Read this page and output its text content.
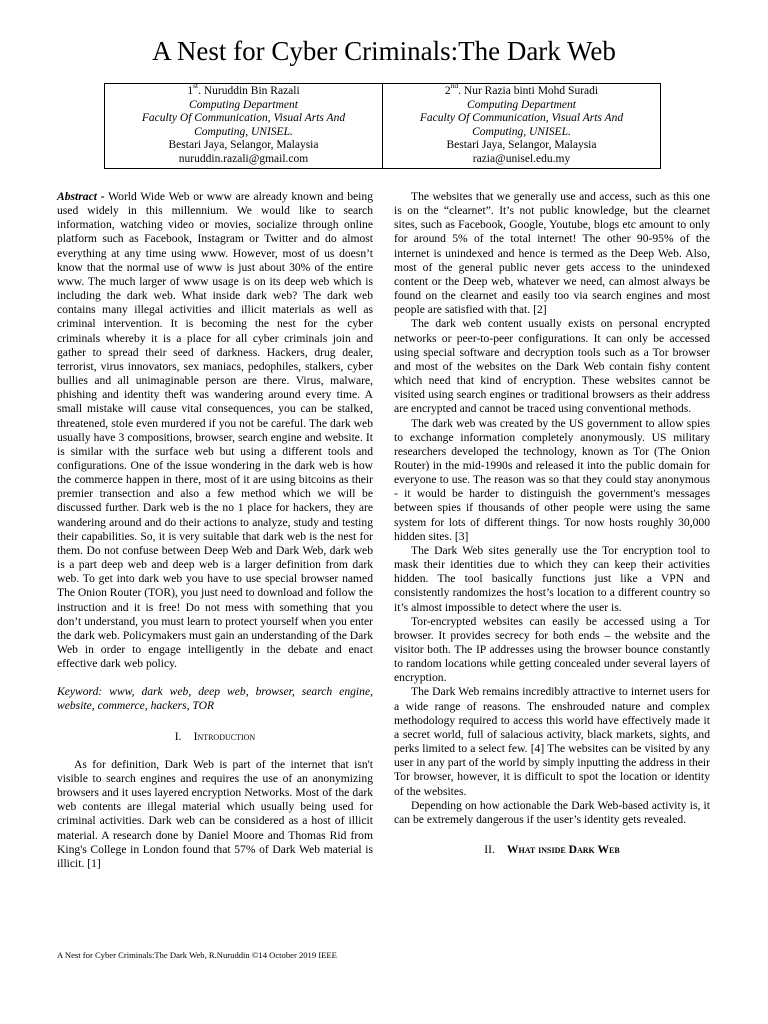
A Nest for Cyber Criminals:The Dark Web
1st. Nuruddin Bin Razali
Computing Department
Faculty Of Communication, Visual Arts And
Computing, UNISEL.
Bestari Jaya, Selangor, Malaysia
nuruddin.razali@gmail.com
2nd. Nur Razia binti Mohd Suradi
Computing Department
Faculty Of Communication, Visual Arts And
Computing, UNISEL.
Bestari Jaya, Selangor, Malaysia
razia@unisel.edu.my

Abstract - World Wide Web or www are already known and being used widely in this millennium. We would like to search information, watching video or movies, socialize through online platform such as Facebook, Instagram or Twitter and do almost everything at any time using www. However, most of us doesn’t know that the normal use of www is just about 30% of the entire www. The much larger of www usage is on its deep web which is including the dark web. What inside dark web? The dark web contains many illegal activities and illicit materials as well as criminal intervention. It is becoming the nest for the cyber criminals whereby it is a place for all cyber criminals join and gather to spread their seed of darkness. Hackers, drug dealer, terrorist, virus innovators, sex maniacs, pedophiles, stalkers, cyber bullies and all unimaginable person are there. Virus, malware, phishing and identity theft was wandering around every time. A small mistake will cause vital consequences, you can be stalked, threatened, stole even murdered if you not be careful. The dark web usually have 3 compositions, browser, search engine and website. It is similar with the surface web but using a different tools and configurations. One of the issue wondering in the dark web is how the commerce happen in there, most of it are using bitcoins as their premier transection and also a few method which we will be discussed further. Dark web is the no 1 place for hackers, they are wandering around and do their actions to analyze, study and testing their capabilities. So, it is very suitable that dark web is the nest for them. Do not confuse between Deep Web and Dark Web, dark web is a part deep web and deep web is a larger definition from dark web. To get into dark web you have to use special browser named The Onion Router (TOR), you just need to download and follow the instruction and it is free! Do not mess with something that you don’t understand, you must learn to protect yourself when you enter the dark web. Policymakers must gain an understanding of the Dark Web in order to engage intelligently in the debate and enact effective dark web policy.

Keyword: www, dark web, deep web, browser, search engine, website, commerce, hackers, TOR

I. Introduction

As for definition, Dark Web is part of the internet that isn't visible to search engines and requires the use of an anonymizing browsers and it uses layered encryption Networks. Most of the dark web contents are illegal material which usually being used for criminal activities. Dark web can be considered as a host of illicit material. A research done by Daniel Moore and Thomas Rid from King's College in London found that 57% of Dark Web material is illicit. [1]

The websites that we generally use and access, such as this one is on the “clearnet”. It’s not public knowledge, but the clearnet sites, such as Facebook, Google, Youtube, blogs etc amount to only for around 5% of the total internet! The other 90-95% of the internet is unindexed and hence is termed as the Deep Web. Also, most of the general public never gets access to the unindexed content or the Deep web, whatever we need, can almost always be found on the clearnet and easily too via search engines and most people are satisfied with that. [2]

The dark web content usually exists on personal encrypted networks or peer-to-peer configurations. It can only be accessed using special software and decryption tools such as a Tor browser and most of the websites on the Dark Web contain fishy content which need that kind of encryption. These websites cannot be visited using search engines or traditional browsers as their address are encrypted and cannot be traced using conventional methods.

The dark web was created by the US government to allow spies to exchange information completely anonymously. US military researchers developed the technology, known as Tor (The Onion Router) in the mid-1990s and released it into the public domain for everyone to use. The reason was so that they could stay anonymous - it would be harder to distinguish the government's messages between spies if thousands of other people were using the same system for lots of different things. Tor now hosts roughly 30,000 hidden sites. [3]

The Dark Web sites generally use the Tor encryption tool to mask their identities due to which they can keep their activities hidden. The tool basically functions just like a VPN and consistently randomizes the host’s location to a different country so it’s almost impossible to detect where the user is.

Tor-encrypted websites can easily be accessed using a Tor browser. It provides secrecy for both ends – the website and the visitor both. The IP addresses using the browser bounce constantly to random locations while getting concealed under several layers of encryption.

The Dark Web remains incredibly attractive to internet users for a wide range of reasons. The enshrouded nature and complex methodology required to access this world have effectively made it a secret world, full of salacious activity, black markets, sights, and perks limited to a select few. [4] The websites can be visited by any user in any part of the world by simply inputting the address in their Tor browser, however, it is difficult to spot the location or identity of the websites.

Depending on how actionable the Dark Web-based activity is, it can be extremely dangerous if the user’s identity gets revealed.

II. What inside Dark Web

A Nest for Cyber Criminals:The Dark Web, R.Nuruddin ©14 October 2019 IEEE
